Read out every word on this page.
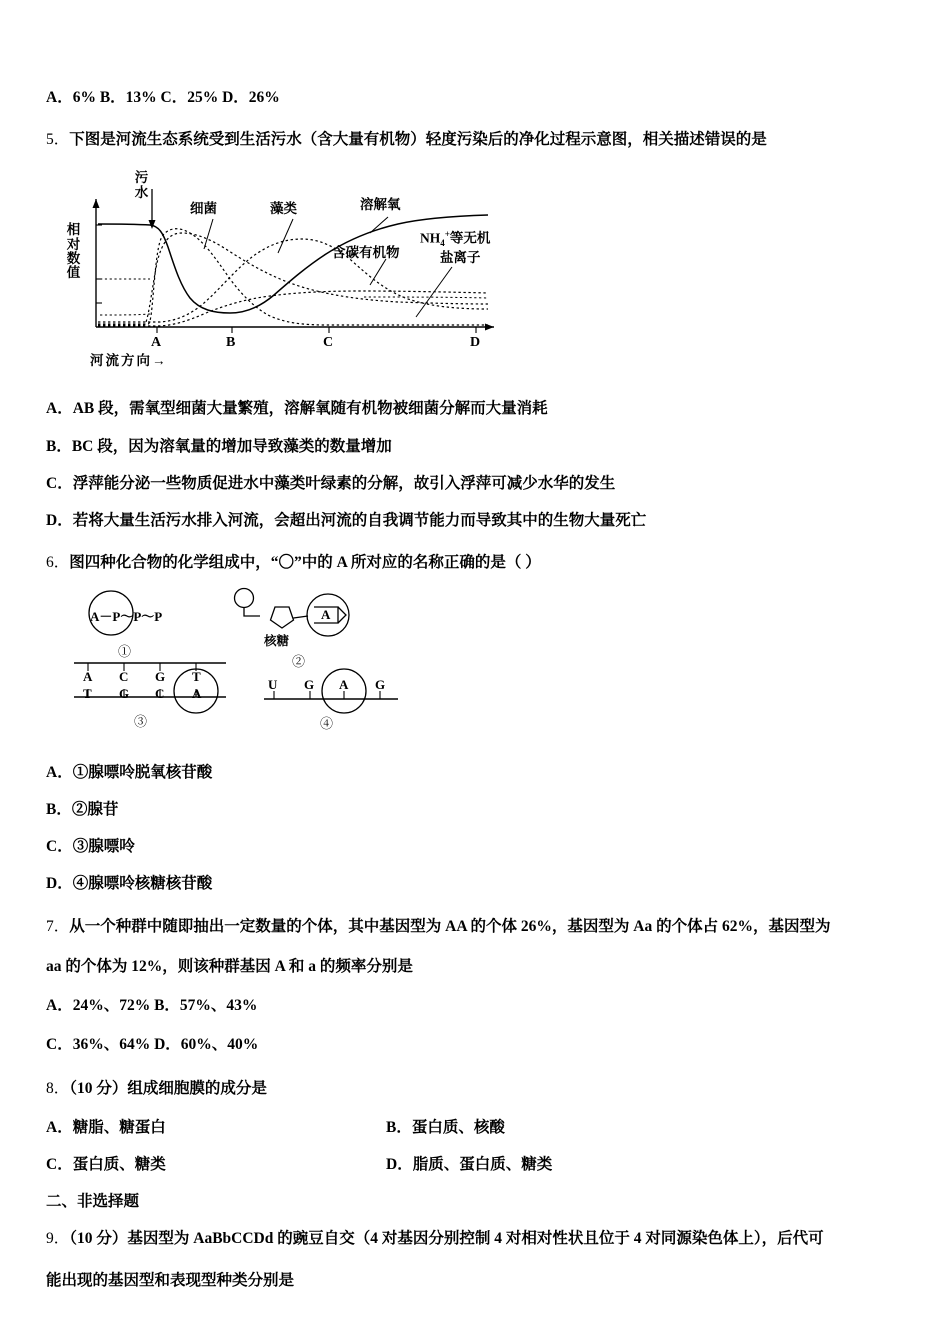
A．6% B．13% C．25% D．26%
5．下图是河流生态系统受到生活污水（含大量有机物）轻度污染后的净化过程示意图，相关描述错误的是
相
对
数
值
污
水
细菌	藻类	溶解氧
含碳有机物
$NH_4^+$等无机
盐离子
A	B	C	D
河流方向→
A．AB 段，需氧型细菌大量繁殖，溶解氧随有机物被细菌分解而大量消耗
B．BC 段，因为溶氧量的增加导致藻类的数量增加
C．浮萍能分泌一些物质促进水中藻类叶绿素的分解，故引入浮萍可减少水华的发生
D．若将大量生活污水排入河流，会超出河流的自我调节能力而导致其中的生物大量死亡
6．图四种化合物的化学组成中，“〇”中的 A 所对应的名称正确的是（ ）
A－P～P～P
①
核糖
A
②
A C G T
T G C A
③
U G A G
④
A．①腺嘌呤脱氧核苷酸
B．②腺苷
C．③腺嘌呤
D．④腺嘌呤核糖核苷酸
7．从一个种群中随即抽出一定数量的个体，其中基因型为 AA 的个体 26%，基因型为 Aa 的个体占 62%，基因型为
aa 的个体为 12%，则该种群基因 A 和 a 的频率分别是
A．24%、72% B．57%、43%
C．36%、64% D．60%、40%
8．（10 分）组成细胞膜的成分是
A．糖脂、糖蛋白	B．蛋白质、核酸
C．蛋白质、糖类	D．脂质、蛋白质、糖类
二、非选择题
9．（10 分）基因型为 AaBbCCDd 的豌豆自交（4 对基因分别控制 4 对相对性状且位于 4 对同源染色体上），后代可
能出现的基因型和表现型种类分别是
